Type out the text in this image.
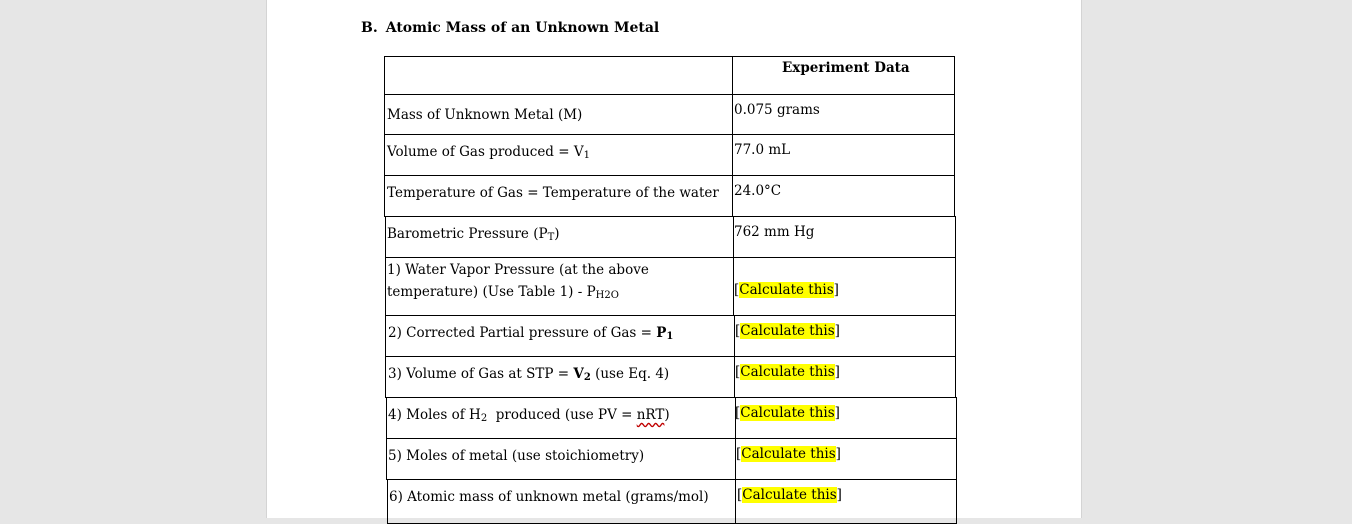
B. Atomic Mass of an Unknown Metal
Experiment Data
Mass of Unknown Metal (M)	0.075 grams
Volume of Gas produced = $V_1$	77.0 mL
Temperature of Gas = Temperature of the water 24.0°C
Barometric Pressure $(P_T)$	762 mm Hg
1) Water Vapor Pressure (at the above
temperature) (Use Table $1) - P_{H2O}$	[Calculate this]
2) Corrected Partial pressure of Gas = $P_1$	[Calculate this]
3) Volume of Gas at STP = $V_2$ (use Eq. 4)	[Calculate this]
4) Moles of $H_2$  produced (use PV = nRT)	[Calculate this]
5) Moles of metal (use stoichiometry)	[Calculate this]
6) Atomic mass of unknown metal (grams/mol) [Calculate this]
